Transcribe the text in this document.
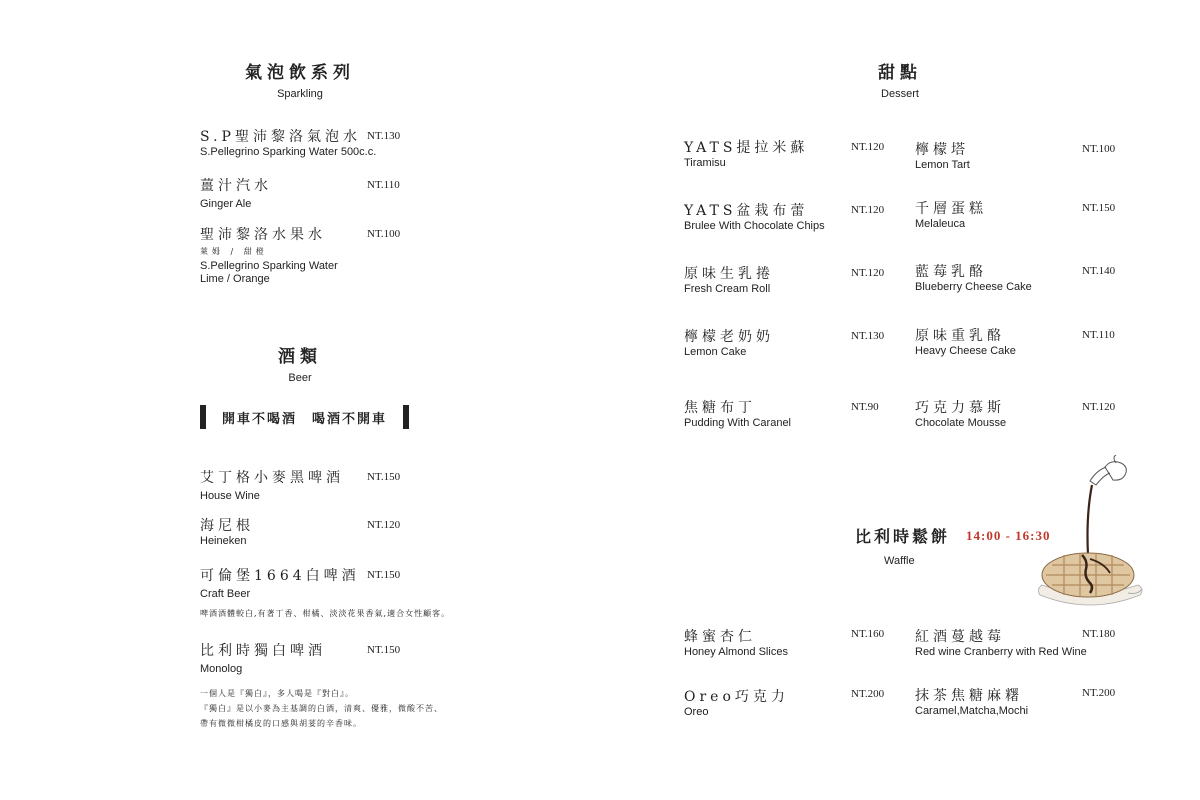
氣泡飲系列
Sparkling
S.P聖沛黎洛氣泡水
S.Pellegrino Sparking Water 500c.c.
NT.130
薑汁汽水
Ginger Ale
NT.110
聖沛黎洛水果水
萊姆 / 甜橙
S.Pellegrino Sparking Water
Lime / Orange
NT.100
酒類
Beer
開車不喝酒　喝酒不開車
艾丁格小麥黑啤酒
House Wine
NT.150
海尼根
Heineken
NT.120
可倫堡1664白啤酒
Craft Beer
NT.150
啤酒酒體較白,有著丁香、柑橘、淡淡花果香氣,適合女性顧客。
比利時獨白啤酒
Monolog
NT.150
一個人是『獨白』，多人喝是『對白』。
『獨白』是以小麥為主基調的白酒，清爽、優雅，微酸不苦、
帶有微微柑橘皮的口感與胡荽的辛香味。
甜點
Dessert
YATS提拉米蘇
Tiramisu
NT.120
YATS盆栽布蕾
Brulee With Chocolate Chips
NT.120
原味生乳捲
Fresh Cream Roll
NT.120
檸檬老奶奶
Lemon Cake
NT.130
焦糖布丁
Pudding With Caranel
NT.90
檸檬塔
Lemon Tart
NT.100
千層蛋糕
Melaleuca
NT.150
藍莓乳酪
Blueberry Cheese Cake
NT.140
原味重乳酪
Heavy Cheese Cake
NT.110
巧克力慕斯
Chocolate Mousse
NT.120
比利時鬆餅 14:00 - 16:30
Waffle
蜂蜜杏仁
Honey Almond Slices
NT.160 紅酒蔓越莓
Red wine Cranberry with Red Wine
NT.180
Oreo巧克力
Oreo
NT.200 抹茶焦糖麻糬
Caramel,Matcha,Mochi
NT.200
